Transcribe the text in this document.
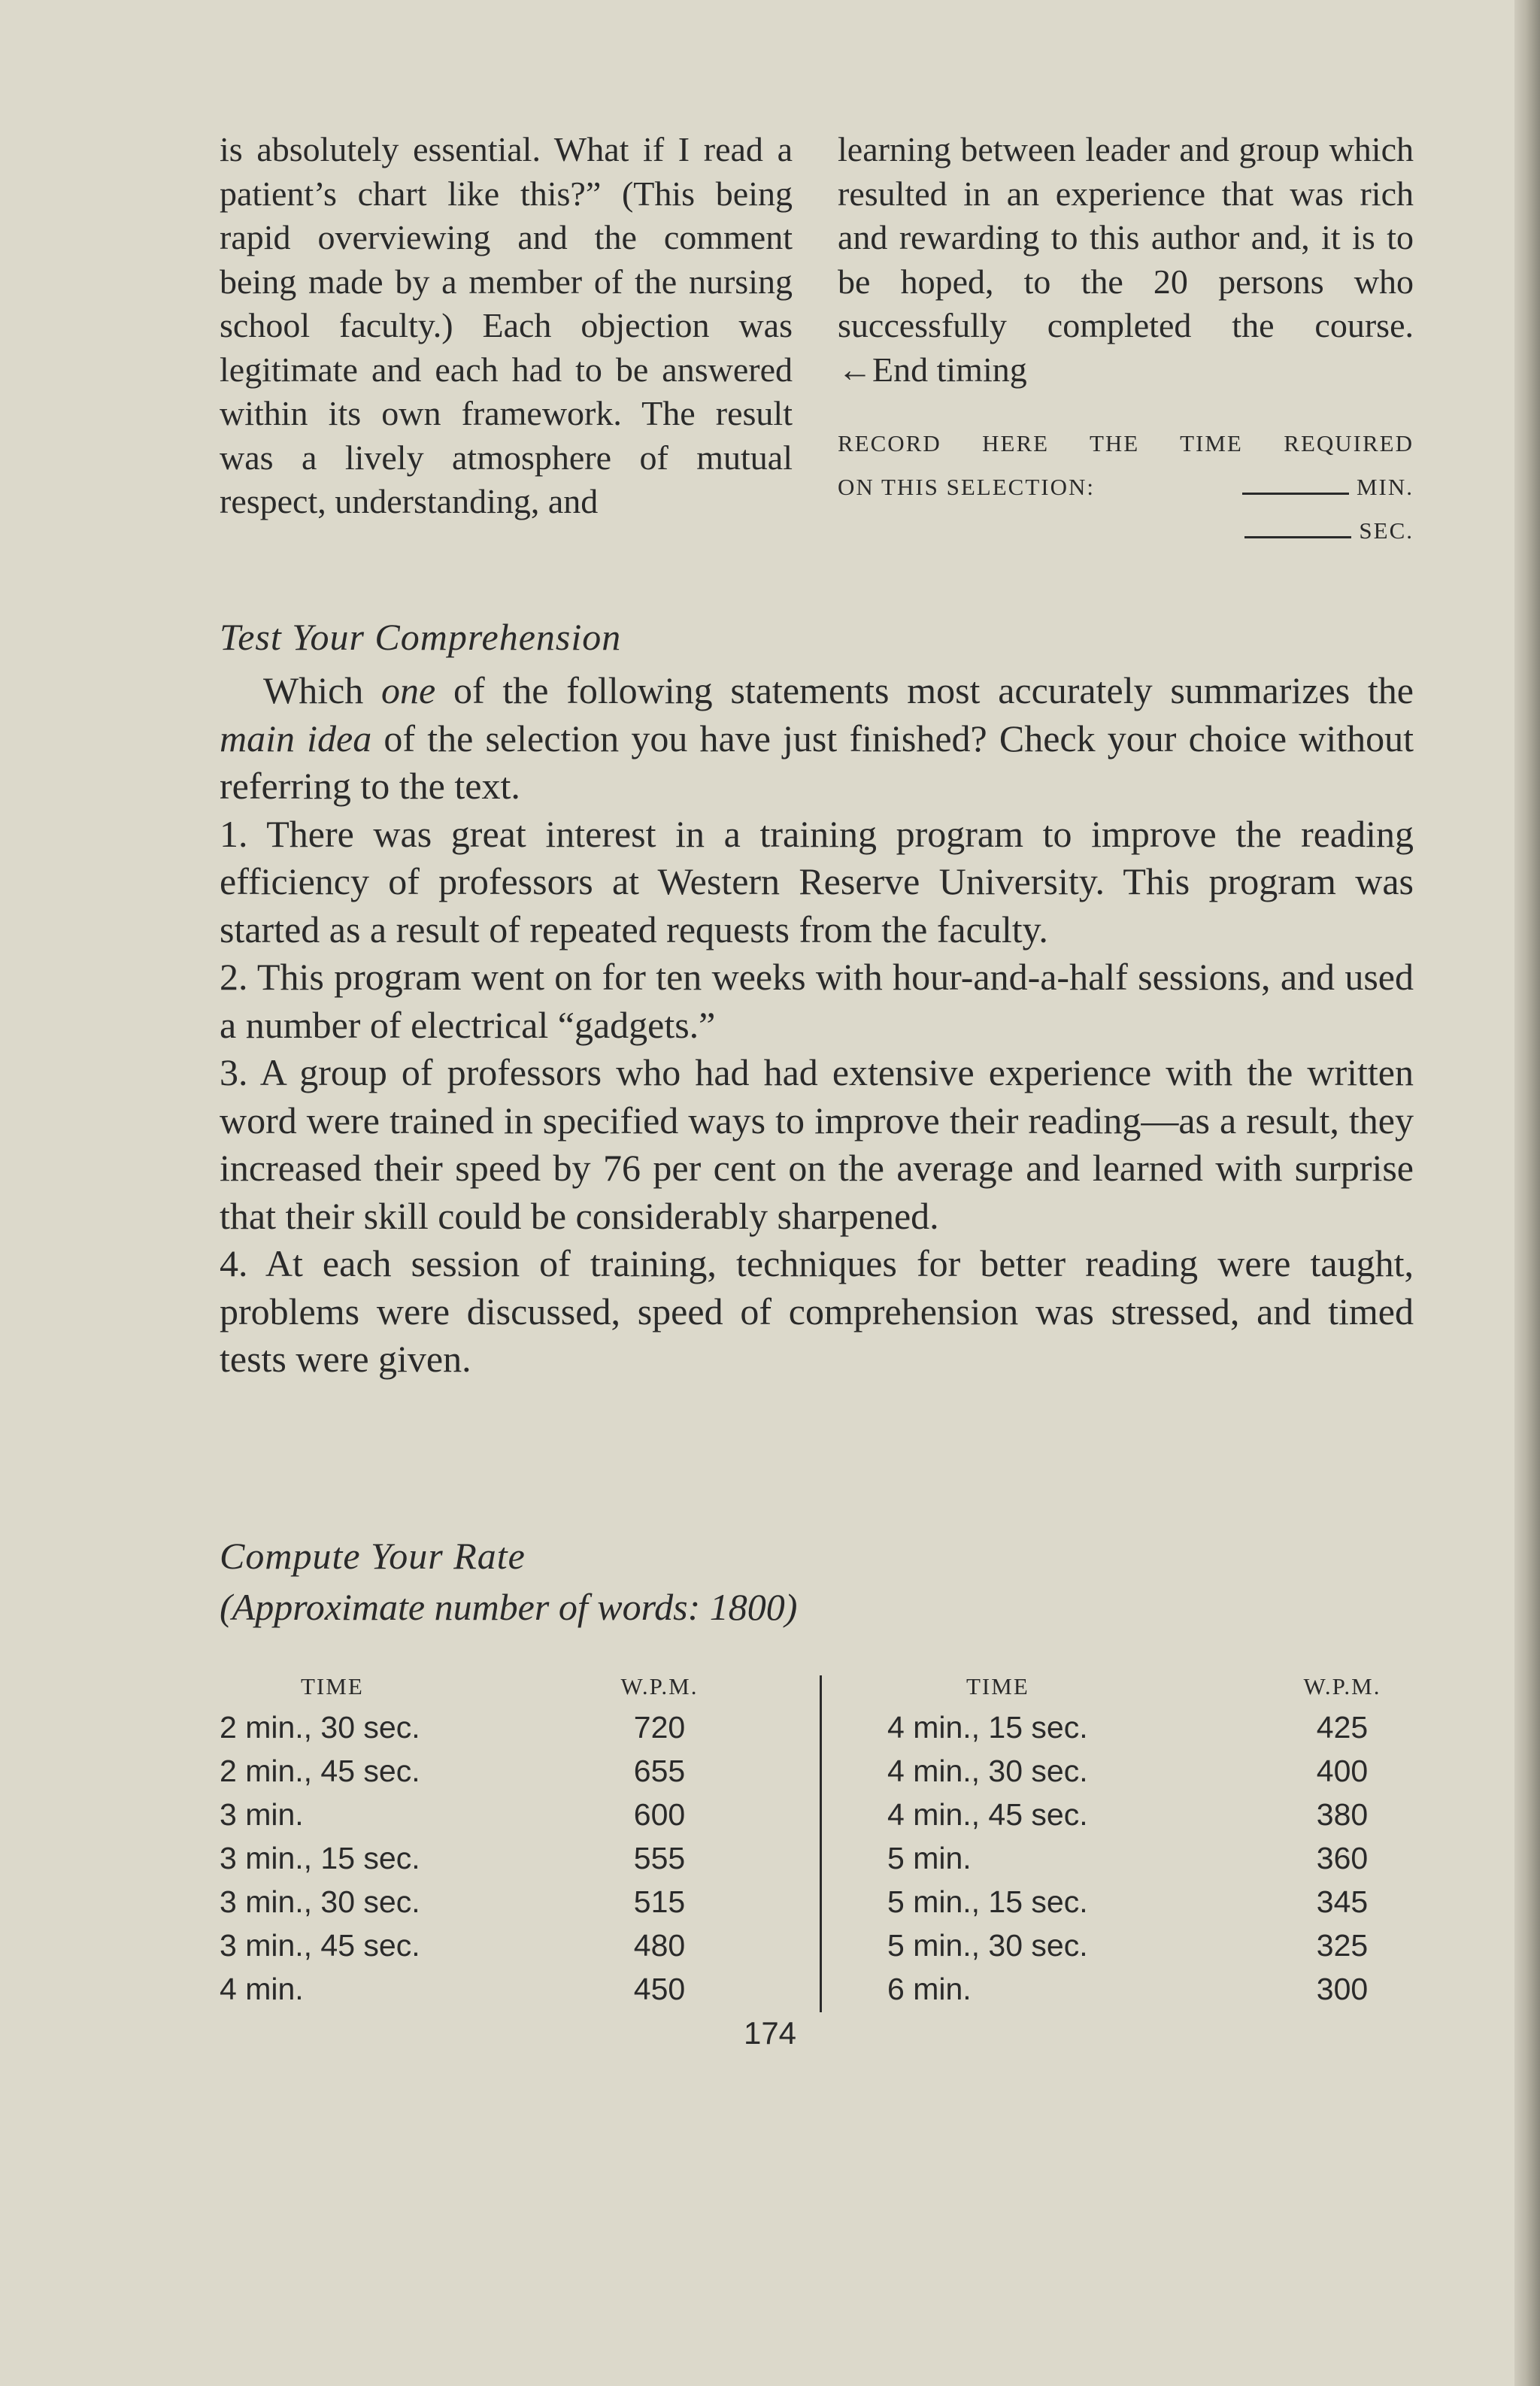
is absolutely essential. What if I read a patient’s chart like this?” (This being rapid overviewing and the comment being made by a member of the nursing school faculty.) Each objection was legitimate and each had to be answered within its own framework. The result was a lively atmosphere of mutual respect, understanding, and

learning between leader and group which resulted in an experience that was rich and rewarding to this author and, it is to be hoped, to the 20 persons who successfully completed the course. ←End timing

RECORD HERE THE TIME REQUIRED
ON THIS SELECTION:	MIN.
SEC.
Test Your Comprehension

Which one of the following statements most accurately summarizes the main idea of the selection you have just finished? Check your choice without referring to the text.

1. There was great interest in a training program to improve the reading efficiency of professors at Western Reserve University. This program was started as a result of repeated requests from the faculty.

2. This program went on for ten weeks with hour-and-a-half sessions, and used a number of electrical “gadgets.”

3. A group of professors who had had extensive experience with the written word were trained in specified ways to improve their reading—as a result, they increased their speed by 76 per cent on the average and learned with surprise that their skill could be considerably sharpened.

4. At each session of training, techniques for better reading were taught, problems were discussed, speed of comprehension was stressed, and timed tests were given.

Compute Your Rate
(Approximate number of words: 1800)
TIME	W.P.M.
2 min., 30 sec.	720
2 min., 45 sec.	655
3 min.	600
3 min., 15 sec.	555
3 min., 30 sec.	515
3 min., 45 sec.	480
4 min.	450
TIME	W.P.M.
4 min., 15 sec.	425
4 min., 30 sec.	400
4 min., 45 sec.	380
5 min.	360
5 min., 15 sec.	345
5 min., 30 sec.	325
6 min.	300
174
